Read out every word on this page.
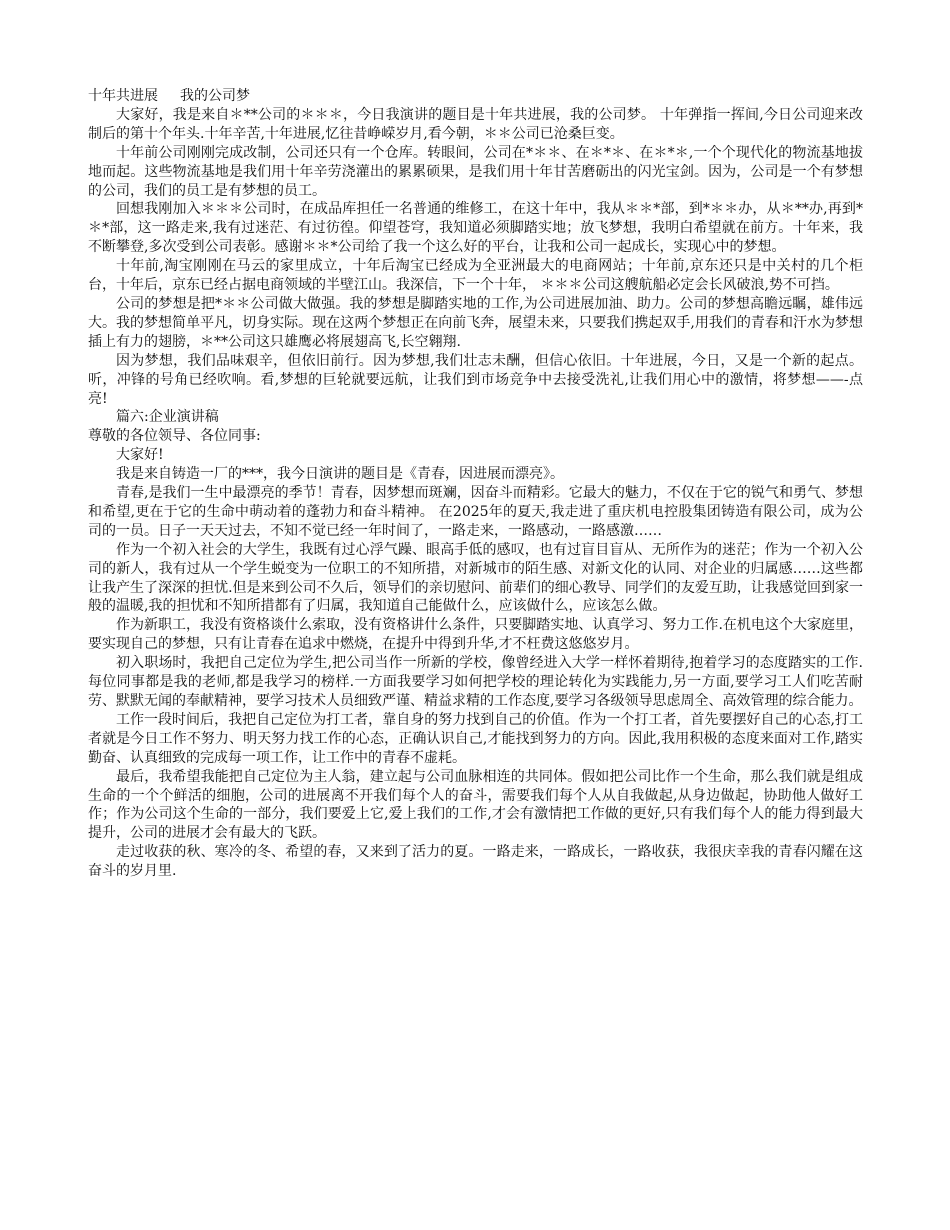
十年共进展 我的公司梦

大家好，我是来自＊**公司的＊＊＊，今日我演讲的题目是十年共进展，我的公司梦。 十年弹指一挥间,今日公司迎来改制后的第十个年头.十年辛苦,十年进展,忆往昔峥嵘岁月,看今朝，＊＊公司已沧桑巨变。

十年前公司刚刚完成改制，公司还只有一个仓库。转眼间，公司在*＊＊、在＊*＊、在＊*＊,一个个现代化的物流基地拔地而起。这些物流基地是我们用十年辛劳浇灌出的累累硕果，是我们用十年甘苦磨砺出的闪光宝剑。因为，公司是一个有梦想的公司，我们的员工是有梦想的员工。

回想我刚加入＊＊＊公司时，在成品库担任一名普通的维修工，在这十年中，我从＊＊*部，到*＊＊办，从＊**办,再到*＊*部，这一路走来,我有过迷茫、有过彷徨。仰望苍穹，我知道必须脚踏实地；放飞梦想，我明白希望就在前方。十年来，我不断攀登,多次受到公司表彰。感谢＊＊*公司给了我一个这么好的平台，让我和公司一起成长，实现心中的梦想。

十年前,淘宝刚刚在马云的家里成立，十年后淘宝已经成为全亚洲最大的电商网站；十年前,京东还只是中关村的几个柜台，十年后，京东已经占据电商领域的半壁江山。我深信，下一个十年， ＊＊＊公司这艘航船必定会长风破浪,势不可挡。

公司的梦想是把*＊＊公司做大做强。我的梦想是脚踏实地的工作,为公司进展加油、助力。公司的梦想高瞻远瞩，雄伟远大。我的梦想简单平凡，切身实际。现在这两个梦想正在向前飞奔，展望未来，只要我们携起双手,用我们的青春和汗水为梦想插上有力的翅膀，＊**公司这只雄鹰必将展翅高飞,长空翱翔.

因为梦想，我们品味艰辛，但依旧前行。因为梦想,我们壮志未酬，但信心依旧。十年进展，今日，又是一个新的起点。听，冲锋的号角已经吹响。看,梦想的巨轮就要远航，让我们到市场竞争中去接受洗礼,让我们用心中的激情，将梦想——-点亮!

篇六:企业演讲稿

尊敬的各位领导、各位同事:

大家好!

我是来自铸造一厂的***，我今日演讲的题目是《青春，因进展而漂亮》。

青春,是我们一生中最漂亮的季节！青春，因梦想而斑斓，因奋斗而精彩。它最大的魅力，不仅在于它的锐气和勇气、梦想和希望,更在于它的生命中萌动着的蓬勃力和奋斗精神。 在2025年的夏天,我走进了重庆机电控股集团铸造有限公司，成为公司的一员。日子一天天过去，不知不觉已经一年时间了，一路走来，一路感动，一路感激……

作为一个初入社会的大学生，我既有过心浮气躁、眼高手低的感叹，也有过盲目盲从、无所作为的迷茫；作为一个初入公司的新人，我有过从一个学生蜕变为一位职工的不知所措，对新城市的陌生感、对新文化的认同、对企业的归属感……这些都让我产生了深深的担忧.但是来到公司不久后，领导们的亲切慰问、前辈们的细心教导、同学们的友爱互助，让我感觉回到家一般的温暖,我的担忧和不知所措都有了归属，我知道自己能做什么，应该做什么，应该怎么做。

作为新职工，我没有资格谈什么索取，没有资格讲什么条件，只要脚踏实地、认真学习、努力工作.在机电这个大家庭里，要实现自己的梦想，只有让青春在追求中燃烧，在提升中得到升华,才不枉费这悠悠岁月。

初入职场时，我把自己定位为学生,把公司当作一所新的学校，像曾经进入大学一样怀着期待,抱着学习的态度踏实的工作.每位同事都是我的老师,都是我学习的榜样.一方面我要学习如何把学校的理论转化为实践能力,另一方面,要学习工人们吃苦耐劳、默默无闻的奉献精神，要学习技术人员细致严谨、精益求精的工作态度,要学习各级领导思虑周全、高效管理的综合能力。

工作一段时间后，我把自己定位为打工者，靠自身的努力找到自己的价值。作为一个打工者，首先要摆好自己的心态,打工者就是今日工作不努力、明天努力找工作的心态，正确认识自己,才能找到努力的方向。因此,我用积极的态度来面对工作,踏实勤奋、认真细致的完成每一项工作，让工作中的青春不虚耗。

最后，我希望我能把自己定位为主人翁，建立起与公司血脉相连的共同体。假如把公司比作一个生命，那么我们就是组成生命的一个个鲜活的细胞，公司的进展离不开我们每个人的奋斗，需要我们每个人从自我做起,从身边做起，协助他人做好工作；作为公司这个生命的一部分，我们要爱上它,爱上我们的工作,才会有激情把工作做的更好,只有我们每个人的能力得到最大提升，公司的进展才会有最大的飞跃。

走过收获的秋、寒冷的冬、希望的春，又来到了活力的夏。一路走来，一路成长，一路收获，我很庆幸我的青春闪耀在这奋斗的岁月里.
